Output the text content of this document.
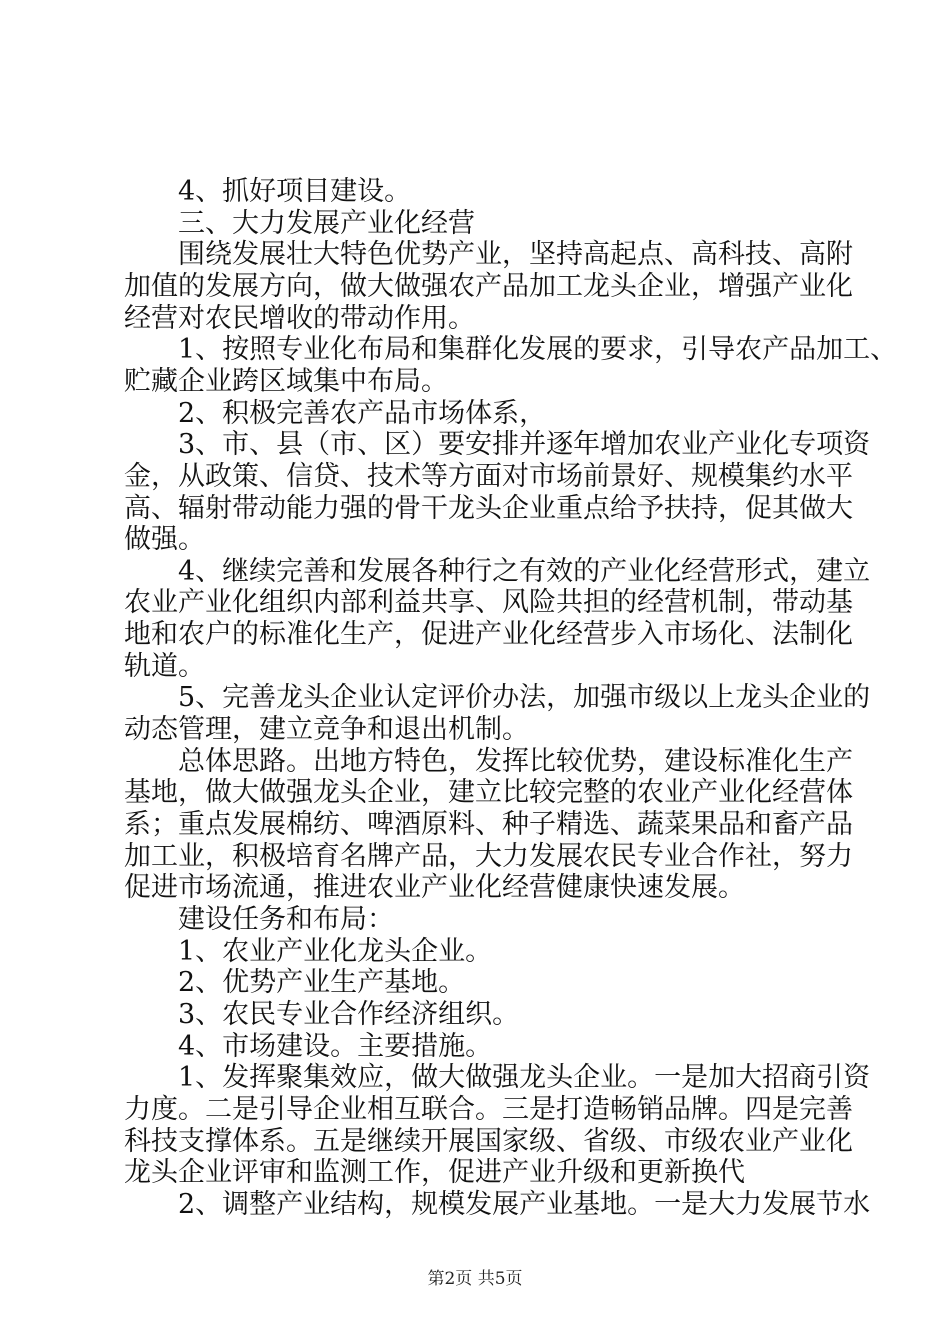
4、抓好项目建设。
三、大力发展产业化经营
围绕发展壮大特色优势产业，坚持高起点、高科技、高附
加值的发展方向，做大做强农产品加工龙头企业，增强产业化
经营对农民增收的带动作用。
1、按照专业化布局和集群化发展的要求，引导农产品加工、
贮藏企业跨区域集中布局。
2、积极完善农产品市场体系，
3、市、县（市、区）要安排并逐年增加农业产业化专项资
金，从政策、信贷、技术等方面对市场前景好、规模集约水平
高、辐射带动能力强的骨干龙头企业重点给予扶持，促其做大
做强。
4、继续完善和发展各种行之有效的产业化经营形式，建立
农业产业化组织内部利益共享、风险共担的经营机制，带动基
地和农户的标准化生产，促进产业化经营步入市场化、法制化
轨道。
5、完善龙头企业认定评价办法，加强市级以上龙头企业的
动态管理，建立竞争和退出机制。
总体思路。出地方特色，发挥比较优势，建设标准化生产
基地，做大做强龙头企业，建立比较完整的农业产业化经营体
系；重点发展棉纺、啤酒原料、种子精选、蔬菜果品和畜产品
加工业，积极培育名牌产品，大力发展农民专业合作社，努力
促进市场流通，推进农业产业化经营健康快速发展。
建设任务和布局：
1、农业产业化龙头企业。
2、优势产业生产基地。
3、农民专业合作经济组织。
4、市场建设。主要措施。
1、发挥聚集效应，做大做强龙头企业。一是加大招商引资
力度。二是引导企业相互联合。三是打造畅销品牌。四是完善
科技支撑体系。五是继续开展国家级、省级、市级农业产业化
龙头企业评审和监测工作，促进产业升级和更新换代
2、调整产业结构，规模发展产业基地。一是大力发展节水
第2页 共5页
